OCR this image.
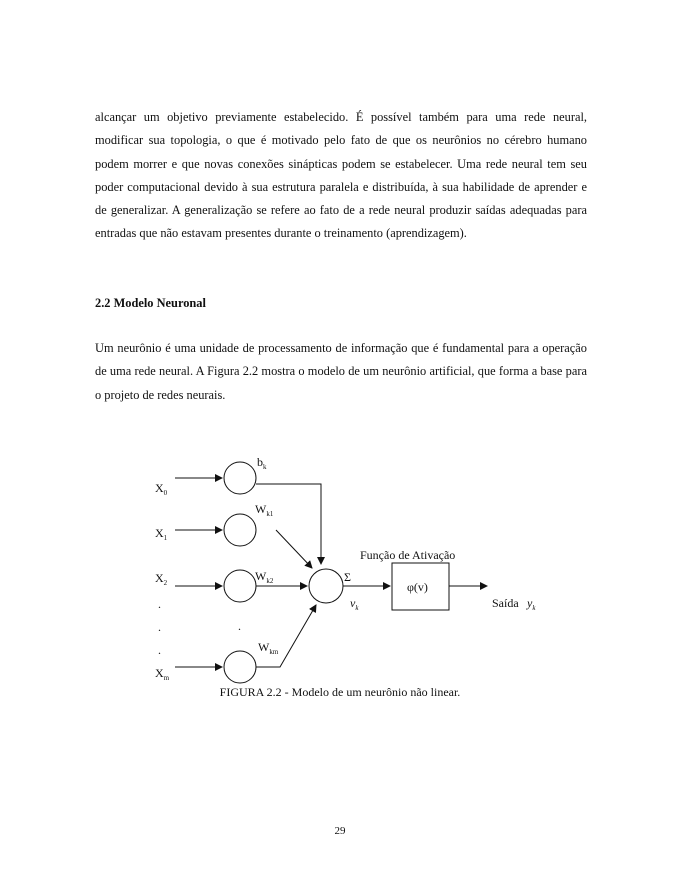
alcançar um objetivo previamente estabelecido. É possível também para uma rede neural, modificar sua topologia, o que é motivado pelo fato de que os neurônios no cérebro humano podem morrer e que novas conexões sinápticas podem se estabelecer. Uma rede neural tem seu poder computacional devido à sua estrutura paralela e distribuída, à sua habilidade de aprender e de generalizar. A generalização se refere ao fato de a rede neural produzir saídas adequadas para entradas que não estavam presentes durante o treinamento (aprendizagem).

2.2 Modelo Neuronal

Um neurônio é uma unidade de processamento de informação que é fundamental para a operação de uma rede neural. A Figura 2.2 mostra o modelo de um neurônio artificial, que forma a base para o projeto de redes neurais.

$X_0$
$X_1$
$X_2$
$X_m$
.
.
.
.
$b_k$
$W_{k1}$
$W_{k2}$
$W_{km}$
Σ
$v_k$
Função de Ativação
φ(v)
Saída $y_k$

FIGURA 2.2 - Modelo de um neurônio não linear.

29
